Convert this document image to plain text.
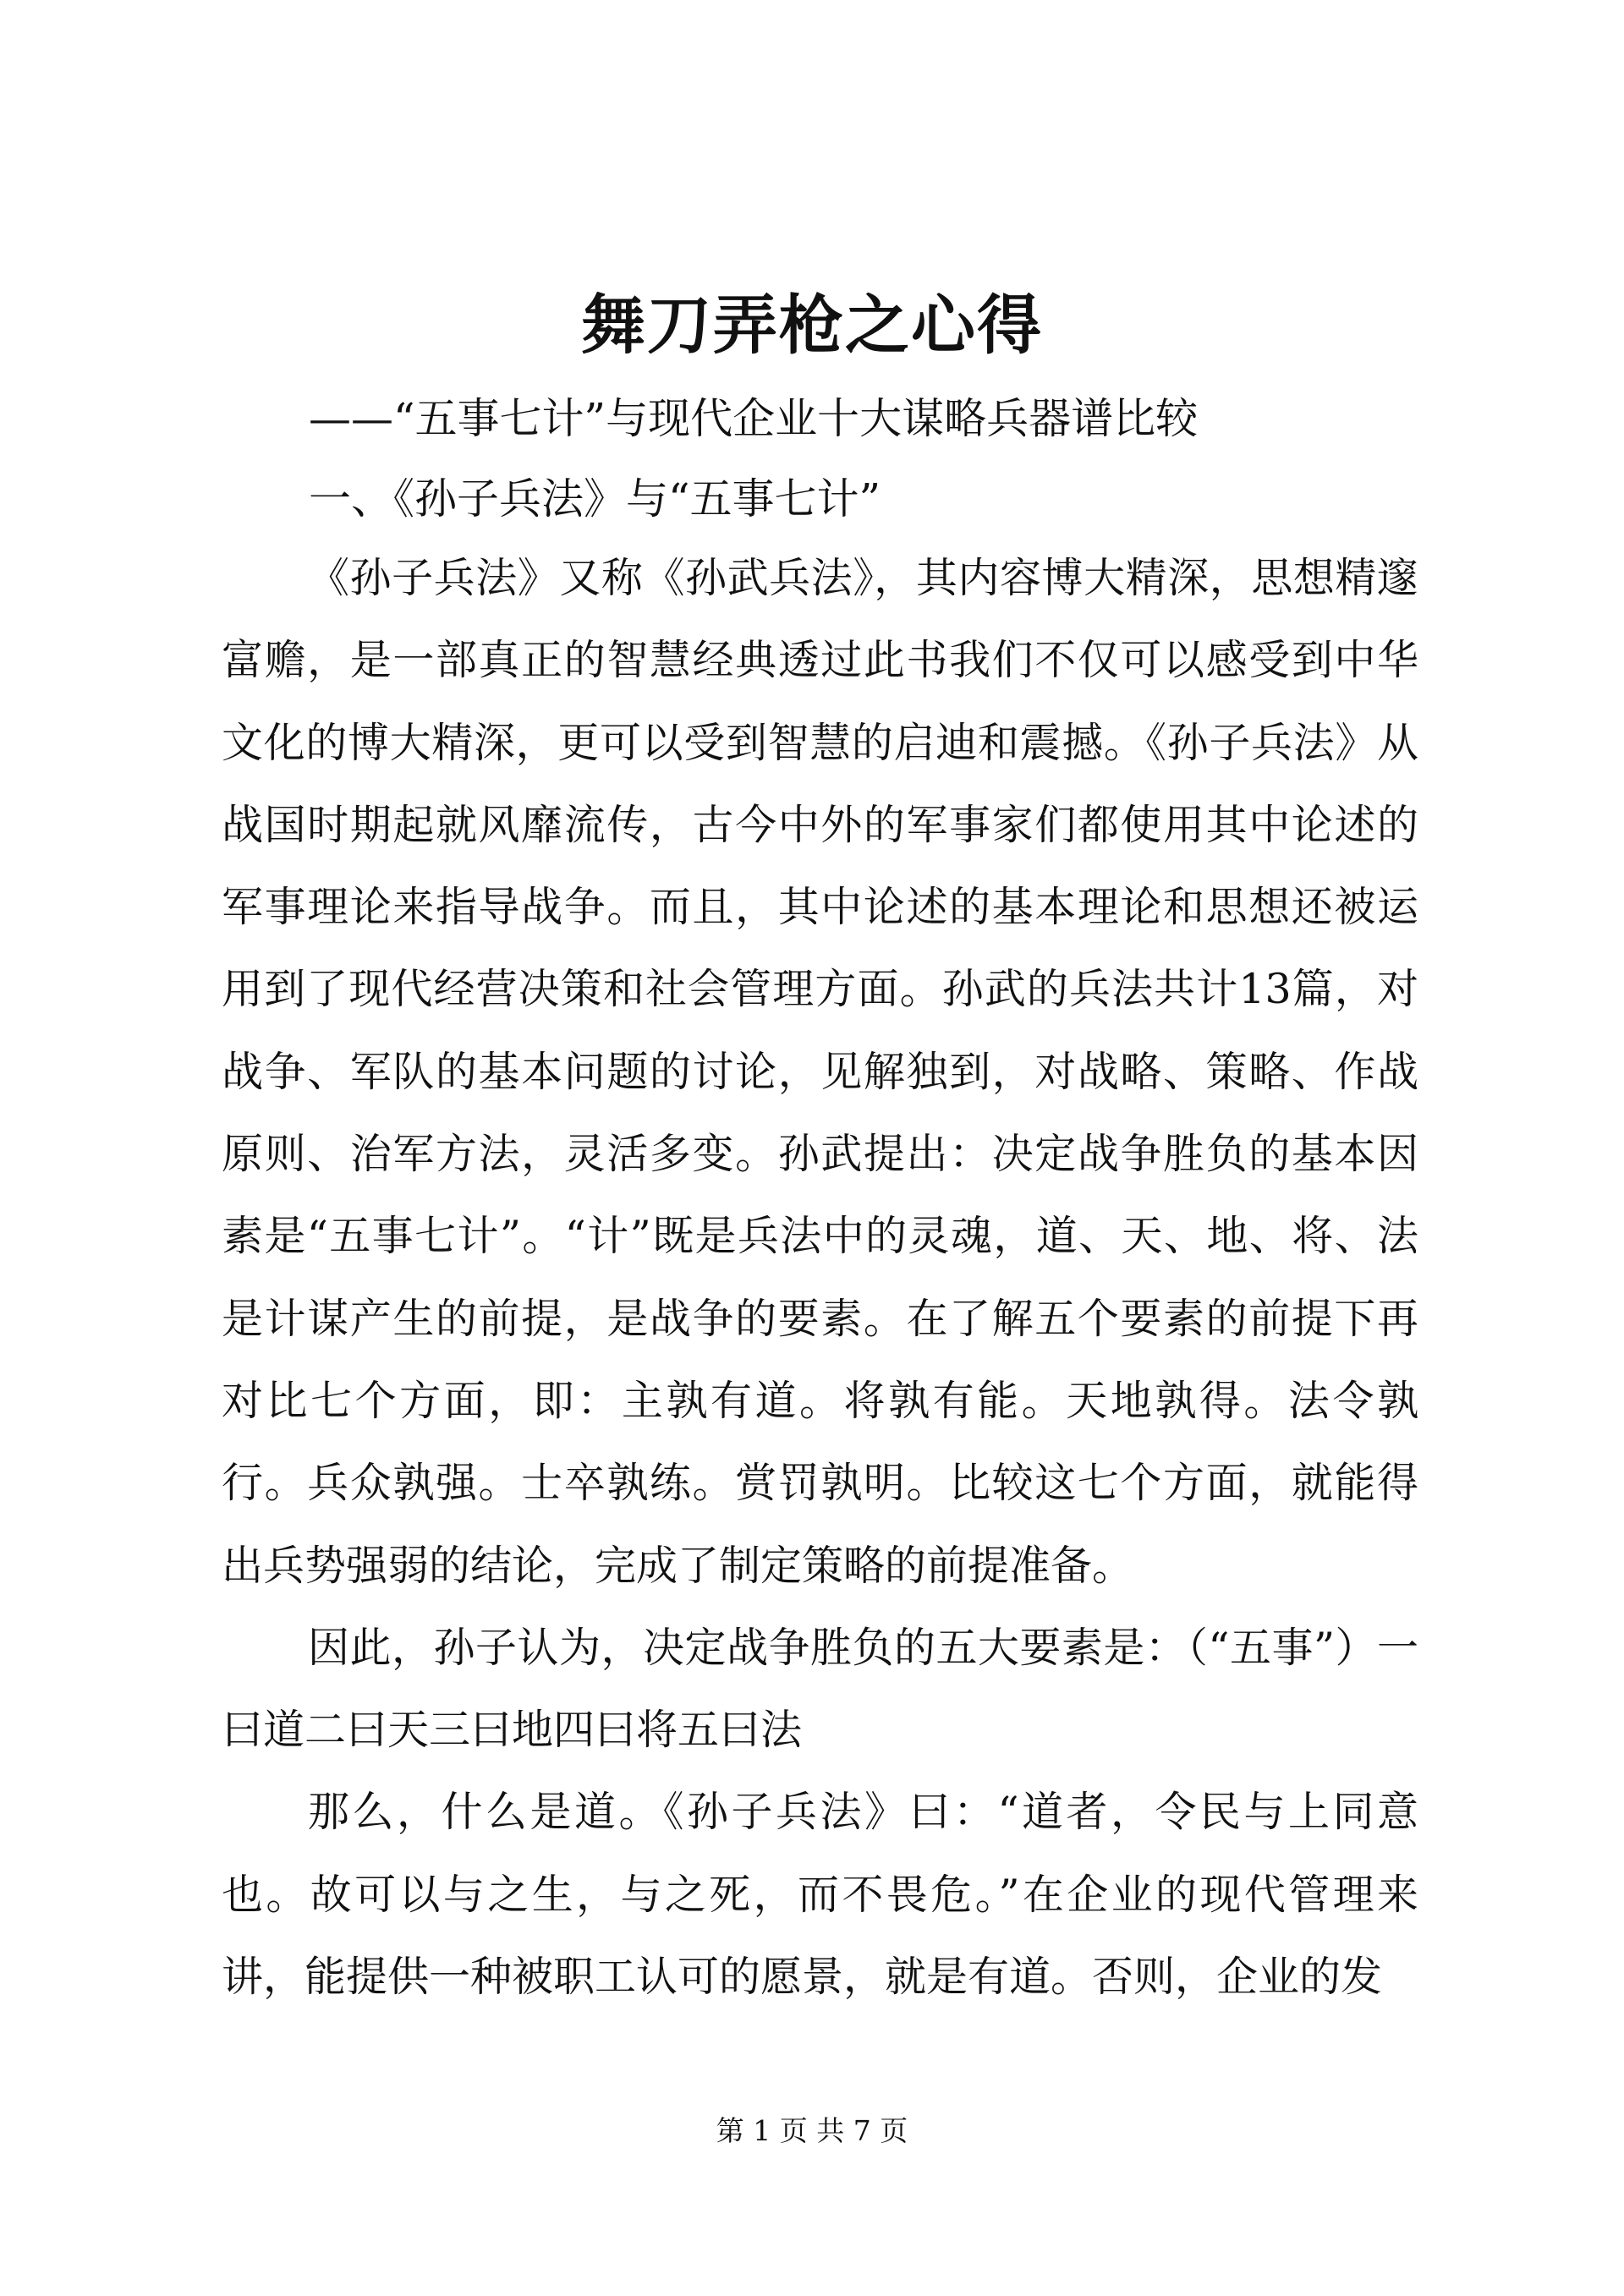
舞刀弄枪之心得
——“五事七计”与现代企业十大谋略兵器谱比较
一、《孙子兵法》与“五事七计”

《孙子兵法》又称《孙武兵法》，其内容博大精深，思想精邃富赡，是一部真正的智慧经典透过此书我们不仅可以感受到中华文化的博大精深，更可以受到智慧的启迪和震撼。《孙子兵法》从战国时期起就风靡流传，古今中外的军事家们都使用其中论述的军事理论来指导战争。而且，其中论述的基本理论和思想还被运用到了现代经营决策和社会管理方面。孙武的兵法共计13篇，对战争、军队的基本问题的讨论，见解独到，对战略、策略、作战原则、治军方法，灵活多变。孙武提出：决定战争胜负的基本因素是“五事七计”。“计”既是兵法中的灵魂，道、天、地、将、法是计谋产生的前提，是战争的要素。在了解五个要素的前提下再对比七个方面，即：主孰有道。将孰有能。天地孰得。法令孰行。兵众孰强。士卒孰练。赏罚孰明。比较这七个方面，就能得出兵势强弱的结论，完成了制定策略的前提准备。

因此，孙子认为，决定战争胜负的五大要素是：（“五事”）一曰道二曰天三曰地四曰将五曰法

那么，什么是道。《孙子兵法》曰：“道者，令民与上同意也。故可以与之生，与之死，而不畏危。”在企业的现代管理来讲，能提供一种被职工认可的愿景，就是有道。否则，企业的发

第 1 页 共 7 页
